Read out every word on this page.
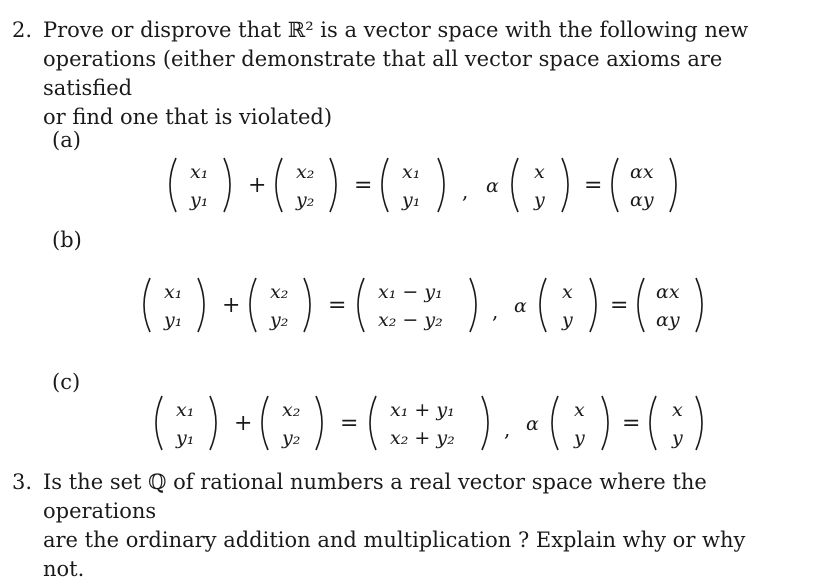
2. Prove or disprove that ℝ² is a vector space with the following new
operations (either demonstrate that all vector space axioms are satisfied
or find one that is violated)
(a)
x₁
y₁
+
x₂
y₂
=
x₁
y₁ , α
x
y
=
αx
αy
(b)
x₁
y₁
+
x₂
y₂
=
x₁ − y₁
x₂ − y₂ , α
x
y
=
αx
αy
(c)
x₁
y₁
+
x₂
y₂
=
x₁ + y₁
x₂ + y₂ , α
x
y
=
x
y
3. Is the set ℚ of rational numbers a real vector space where the operations
are the ordinary addition and multiplication ? Explain why or why not.
